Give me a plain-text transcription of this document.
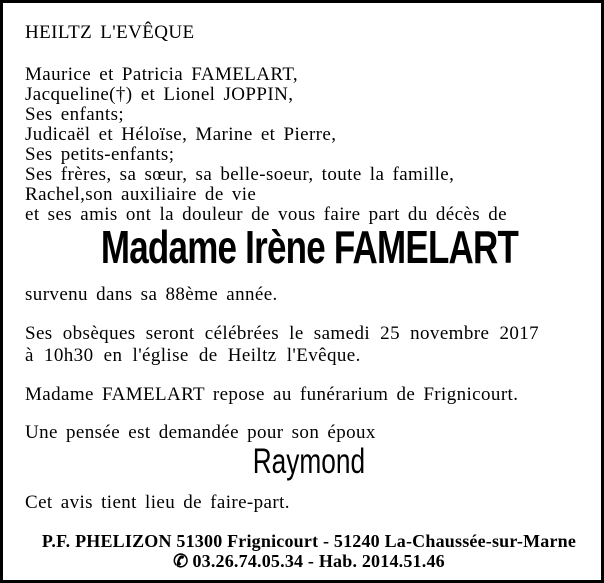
HEILTZ L'EVÊQUE
Maurice et Patricia FAMELART,
Jacqueline(†) et Lionel JOPPIN,
Ses enfants;
Judicaël et Héloïse, Marine et Pierre,
Ses petits-enfants;
Ses frères, sa sœur, sa belle-soeur, toute la famille,
Rachel,son auxiliaire de vie
et ses amis ont la douleur de vous faire part du décès de
Madame Irène FAMELART
survenu dans sa 88ème année.
Ses obsèques seront célébrées le samedi 25 novembre 2017
à 10h30 en l'église de Heiltz l'Evêque.
Madame FAMELART repose au funérarium de Frignicourt.
Une pensée est demandée pour son époux
Raymond
Cet avis tient lieu de faire-part.
P.F. PHELIZON 51300 Frignicourt - 51240 La-Chaussée-sur-Marne
✆ 03.26.74.05.34 - Hab. 2014.51.46
